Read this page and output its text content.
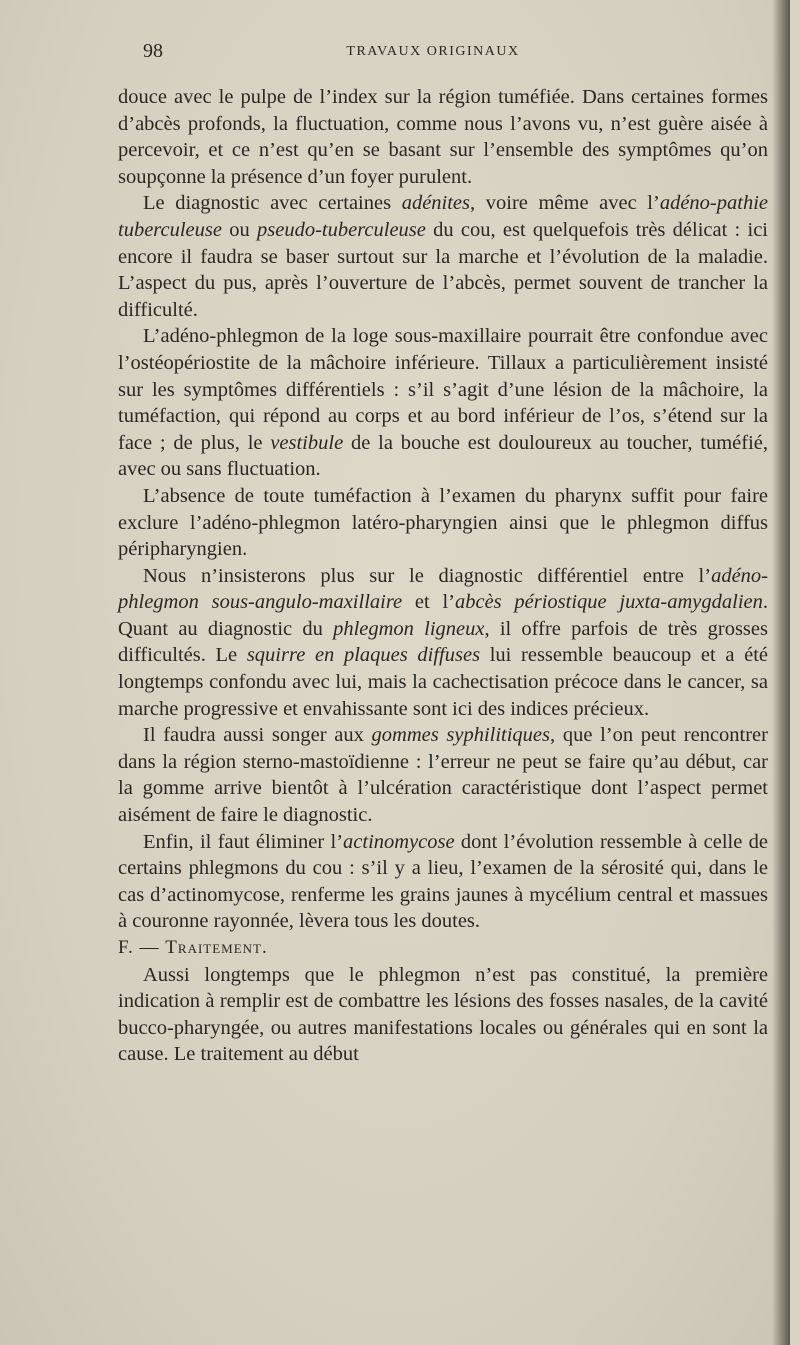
98	TRAVAUX ORIGINAUX

douce avec le pulpe de l’index sur la région tuméfiée. Dans certaines formes d’abcès profonds, la fluctuation, comme nous l’avons vu, n’est guère aisée à percevoir, et ce n’est qu’en se basant sur l’ensemble des symptômes qu’on soupçonne la présence d’un foyer purulent.

Le diagnostic avec certaines adénites, voire même avec l’adéno-pathie tuberculeuse ou pseudo-tuberculeuse du cou, est quelquefois très délicat : ici encore il faudra se baser surtout sur la marche et l’évolution de la maladie. L’aspect du pus, après l’ouverture de l’abcès, permet souvent de trancher la difficulté.

L’adéno-phlegmon de la loge sous-maxillaire pourrait être confondue avec l’ostéopériostite de la mâchoire inférieure. Tillaux a particulièrement insisté sur les symptômes différentiels : s’il s’agit d’une lésion de la mâchoire, la tuméfaction, qui répond au corps et au bord inférieur de l’os, s’étend sur la face ; de plus, le vestibule de la bouche est douloureux au toucher, tuméfié, avec ou sans fluctuation.

L’absence de toute tuméfaction à l’examen du pharynx suffit pour faire exclure l’adéno-phlegmon latéro-pharyngien ainsi que le phlegmon diffus péripharyngien.

Nous n’insisterons plus sur le diagnostic différentiel entre l’adéno-phlegmon sous-angulo-maxillaire et l’abcès périostique juxta-amygdalien. Quant au diagnostic du phlegmon ligneux, il offre parfois de très grosses difficultés. Le squirre en plaques diffuses lui ressemble beaucoup et a été longtemps confondu avec lui, mais la cachectisation précoce dans le cancer, sa marche progressive et envahissante sont ici des indices précieux.

Il faudra aussi songer aux gommes syphilitiques, que l’on peut rencontrer dans la région sterno-mastoïdienne : l’erreur ne peut se faire qu’au début, car la gomme arrive bientôt à l’ulcération caractéristique dont l’aspect permet aisément de faire le diagnostic.

Enfin, il faut éliminer l’actinomycose dont l’évolution ressemble à celle de certains phlegmons du cou : s’il y a lieu, l’examen de la sérosité qui, dans le cas d’actinomycose, renferme les grains jaunes à mycélium central et massues à couronne rayonnée, lèvera tous les doutes.

F. — Traitement.

Aussi longtemps que le phlegmon n’est pas constitué, la première indication à remplir est de combattre les lésions des fosses nasales, de la cavité bucco-pharyngée, ou autres manifestations locales ou générales qui en sont la cause. Le traitement au début
